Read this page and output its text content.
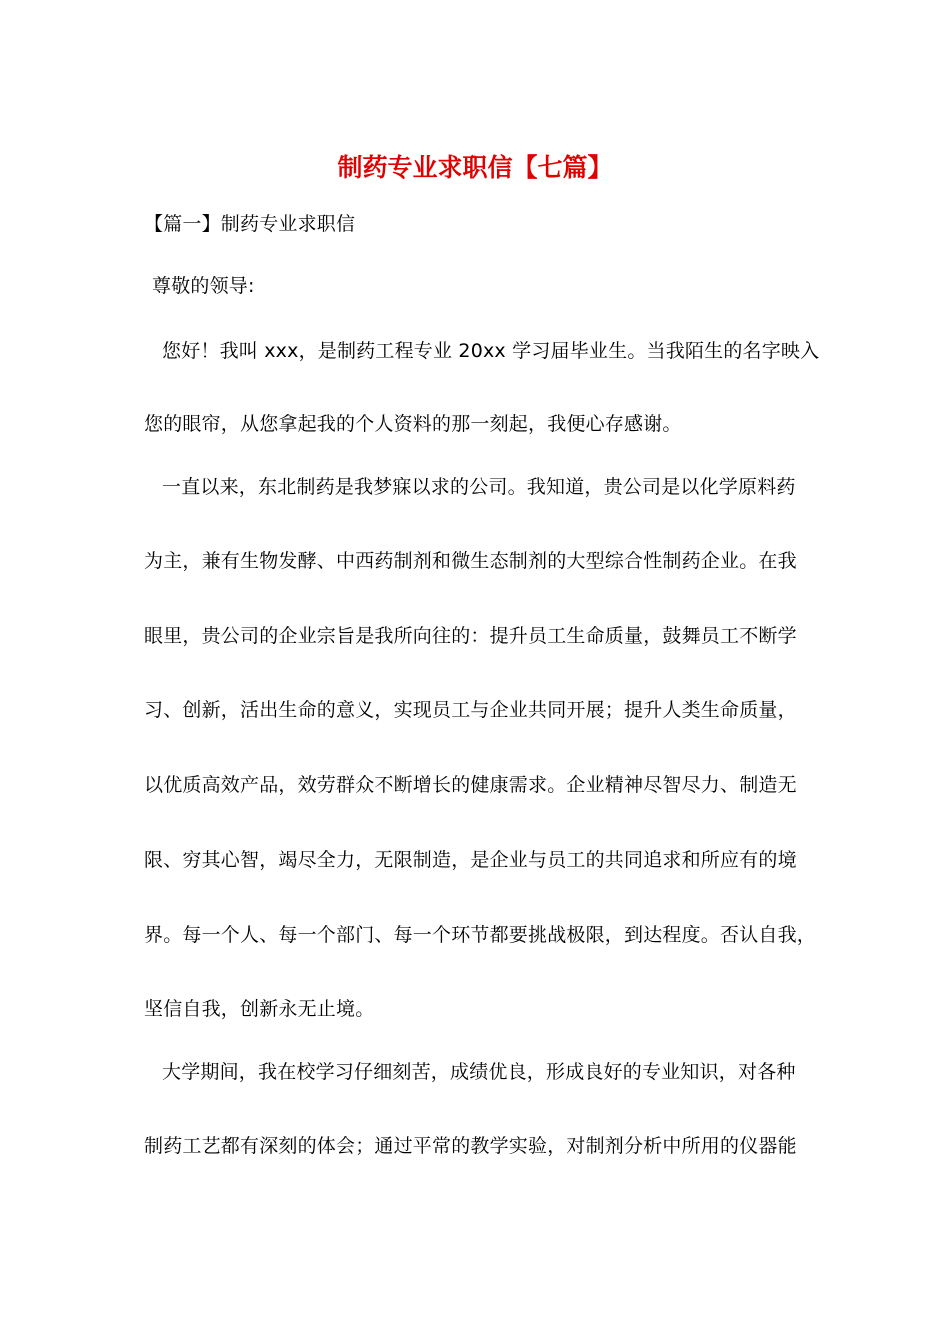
制药专业求职信【七篇】
【篇一】制药专业求职信
尊敬的领导:
您好！我叫 xxx，是制药工程专业 20xx 学习届毕业生。当我陌生的名字映入
您的眼帘，从您拿起我的个人资料的那一刻起，我便心存感谢。
一直以来，东北制药是我梦寐以求的公司。我知道，贵公司是以化学原料药
为主，兼有生物发酵、中西药制剂和微生态制剂的大型综合性制药企业。在我
眼里，贵公司的企业宗旨是我所向往的：提升员工生命质量，鼓舞员工不断学
习、创新，活出生命的意义，实现员工与企业共同开展；提升人类生命质量，
以优质高效产品，效劳群众不断增长的健康需求。企业精神尽智尽力、制造无
限、穷其心智，竭尽全力，无限制造，是企业与员工的共同追求和所应有的境
界。每一个人、每一个部门、每一个环节都要挑战极限，到达程度。否认自我，
坚信自我，创新永无止境。
大学期间，我在校学习仔细刻苦，成绩优良，形成良好的专业知识，对各种
制药工艺都有深刻的体会；通过平常的教学实验，对制剂分析中所用的仪器能
